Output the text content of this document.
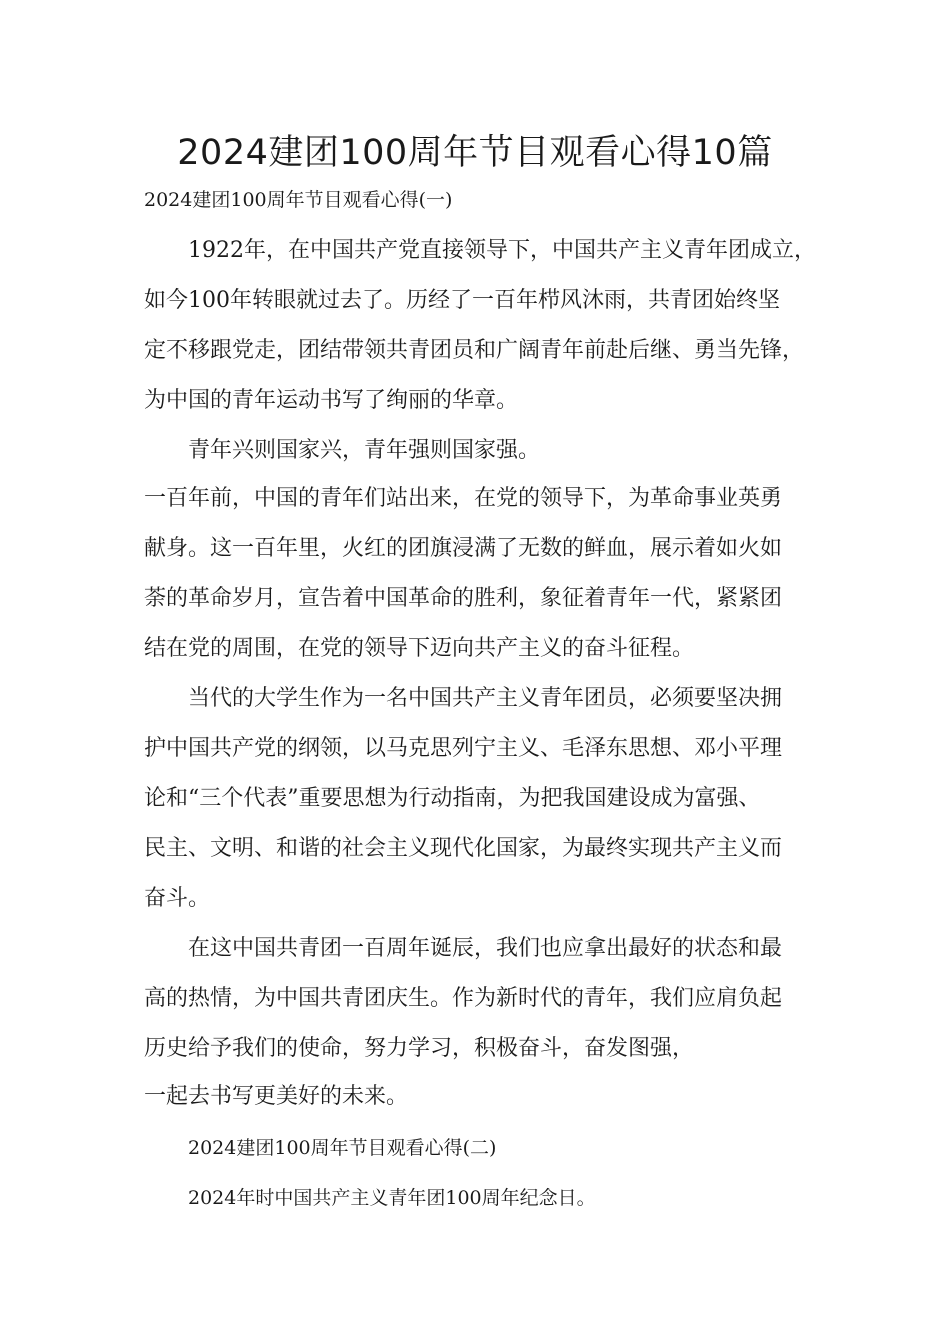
2024建团100周年节目观看心得10篇

2024建团100周年节目观看心得(一)

1922年，在中国共产党直接领导下，中国共产主义青年团成立，

如今100年转眼就过去了。历经了一百年栉风沐雨，共青团始终坚

定不移跟党走，团结带领共青团员和广阔青年前赴后继、勇当先锋，

为中国的青年运动书写了绚丽的华章。

青年兴则国家兴，青年强则国家强。

一百年前，中国的青年们站出来，在党的领导下，为革命事业英勇

献身。这一百年里，火红的团旗浸满了无数的鲜血，展示着如火如

荼的革命岁月，宣告着中国革命的胜利，象征着青年一代，紧紧团

结在党的周围，在党的领导下迈向共产主义的奋斗征程。

当代的大学生作为一名中国共产主义青年团员，必须要坚决拥

护中国共产党的纲领，以马克思列宁主义、毛泽东思想、邓小平理

论和“三个代表”重要思想为行动指南，为把我国建设成为富强、

民主、文明、和谐的社会主义现代化国家，为最终实现共产主义而

奋斗。

在这中国共青团一百周年诞辰，我们也应拿出最好的状态和最

高的热情，为中国共青团庆生。作为新时代的青年，我们应肩负起

历史给予我们的使命，努力学习，积极奋斗，奋发图强，

一起去书写更美好的未来。

2024建团100周年节目观看心得(二)

2024年时中国共产主义青年团100周年纪念日。
